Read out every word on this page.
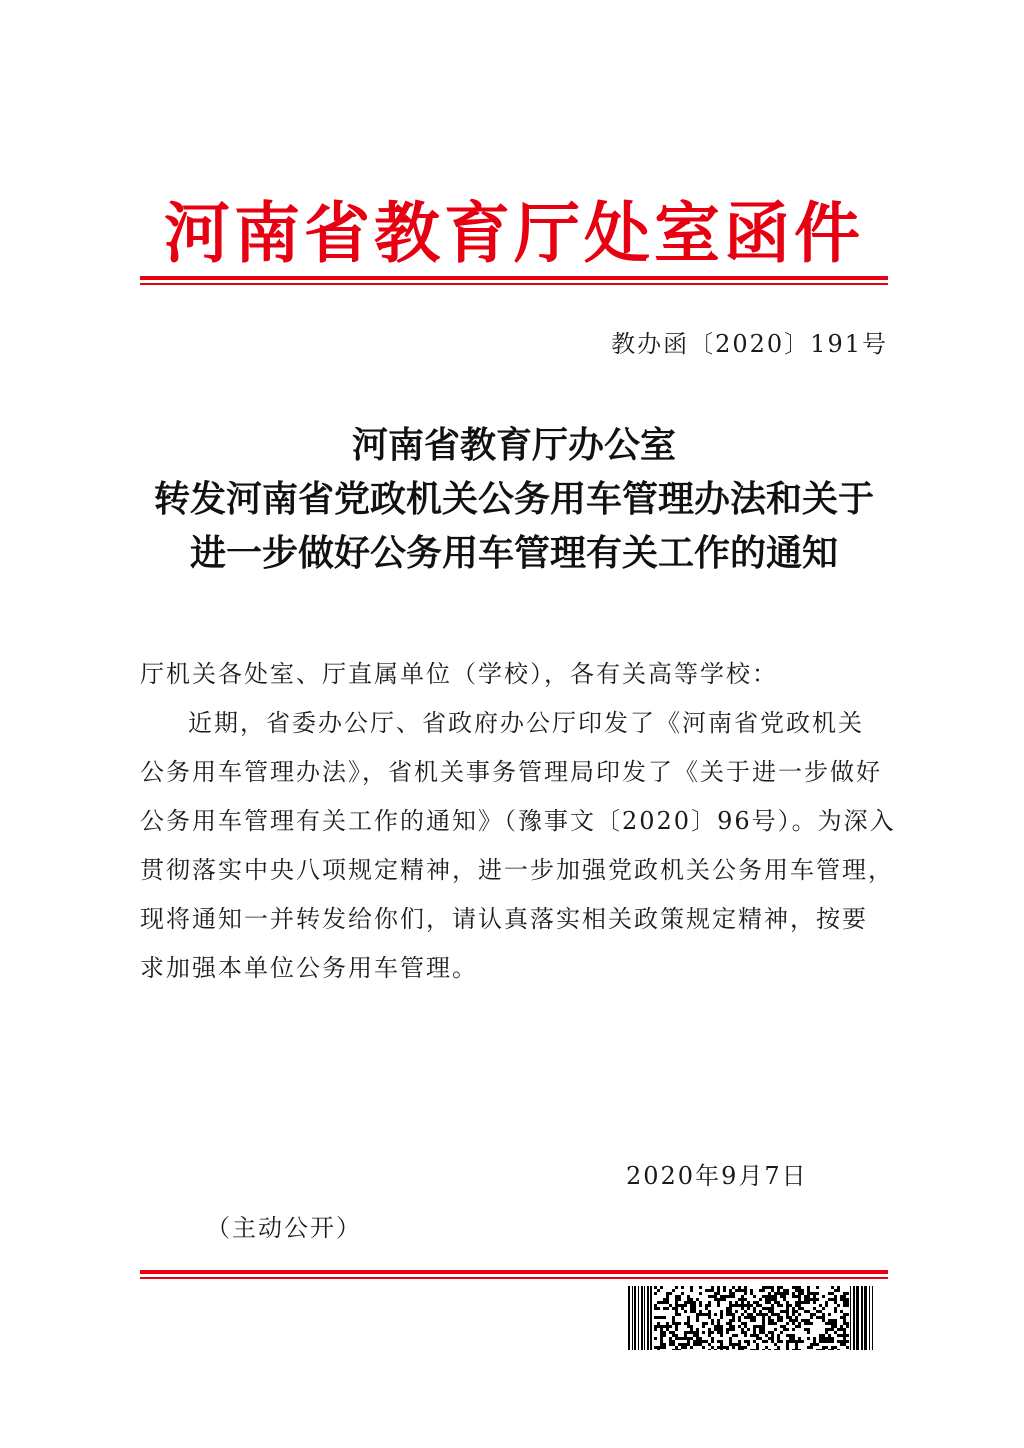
河南省教育厅处室函件
教办函〔2020〕191号
河南省教育厅办公室
转发河南省党政机关公务用车管理办法和关于
进一步做好公务用车管理有关工作的通知
厅机关各处室、厅直属单位（学校），各有关高等学校：
近期，省委办公厅、省政府办公厅印发了《河南省党政机关
公务用车管理办法》，省机关事务管理局印发了《关于进一步做好
公务用车管理有关工作的通知》（豫事文〔2020〕96号）。为深入
贯彻落实中央八项规定精神，进一步加强党政机关公务用车管理，
现将通知一并转发给你们，请认真落实相关政策规定精神，按要
求加强本单位公务用车管理。
2020年9月7日
（主动公开）
